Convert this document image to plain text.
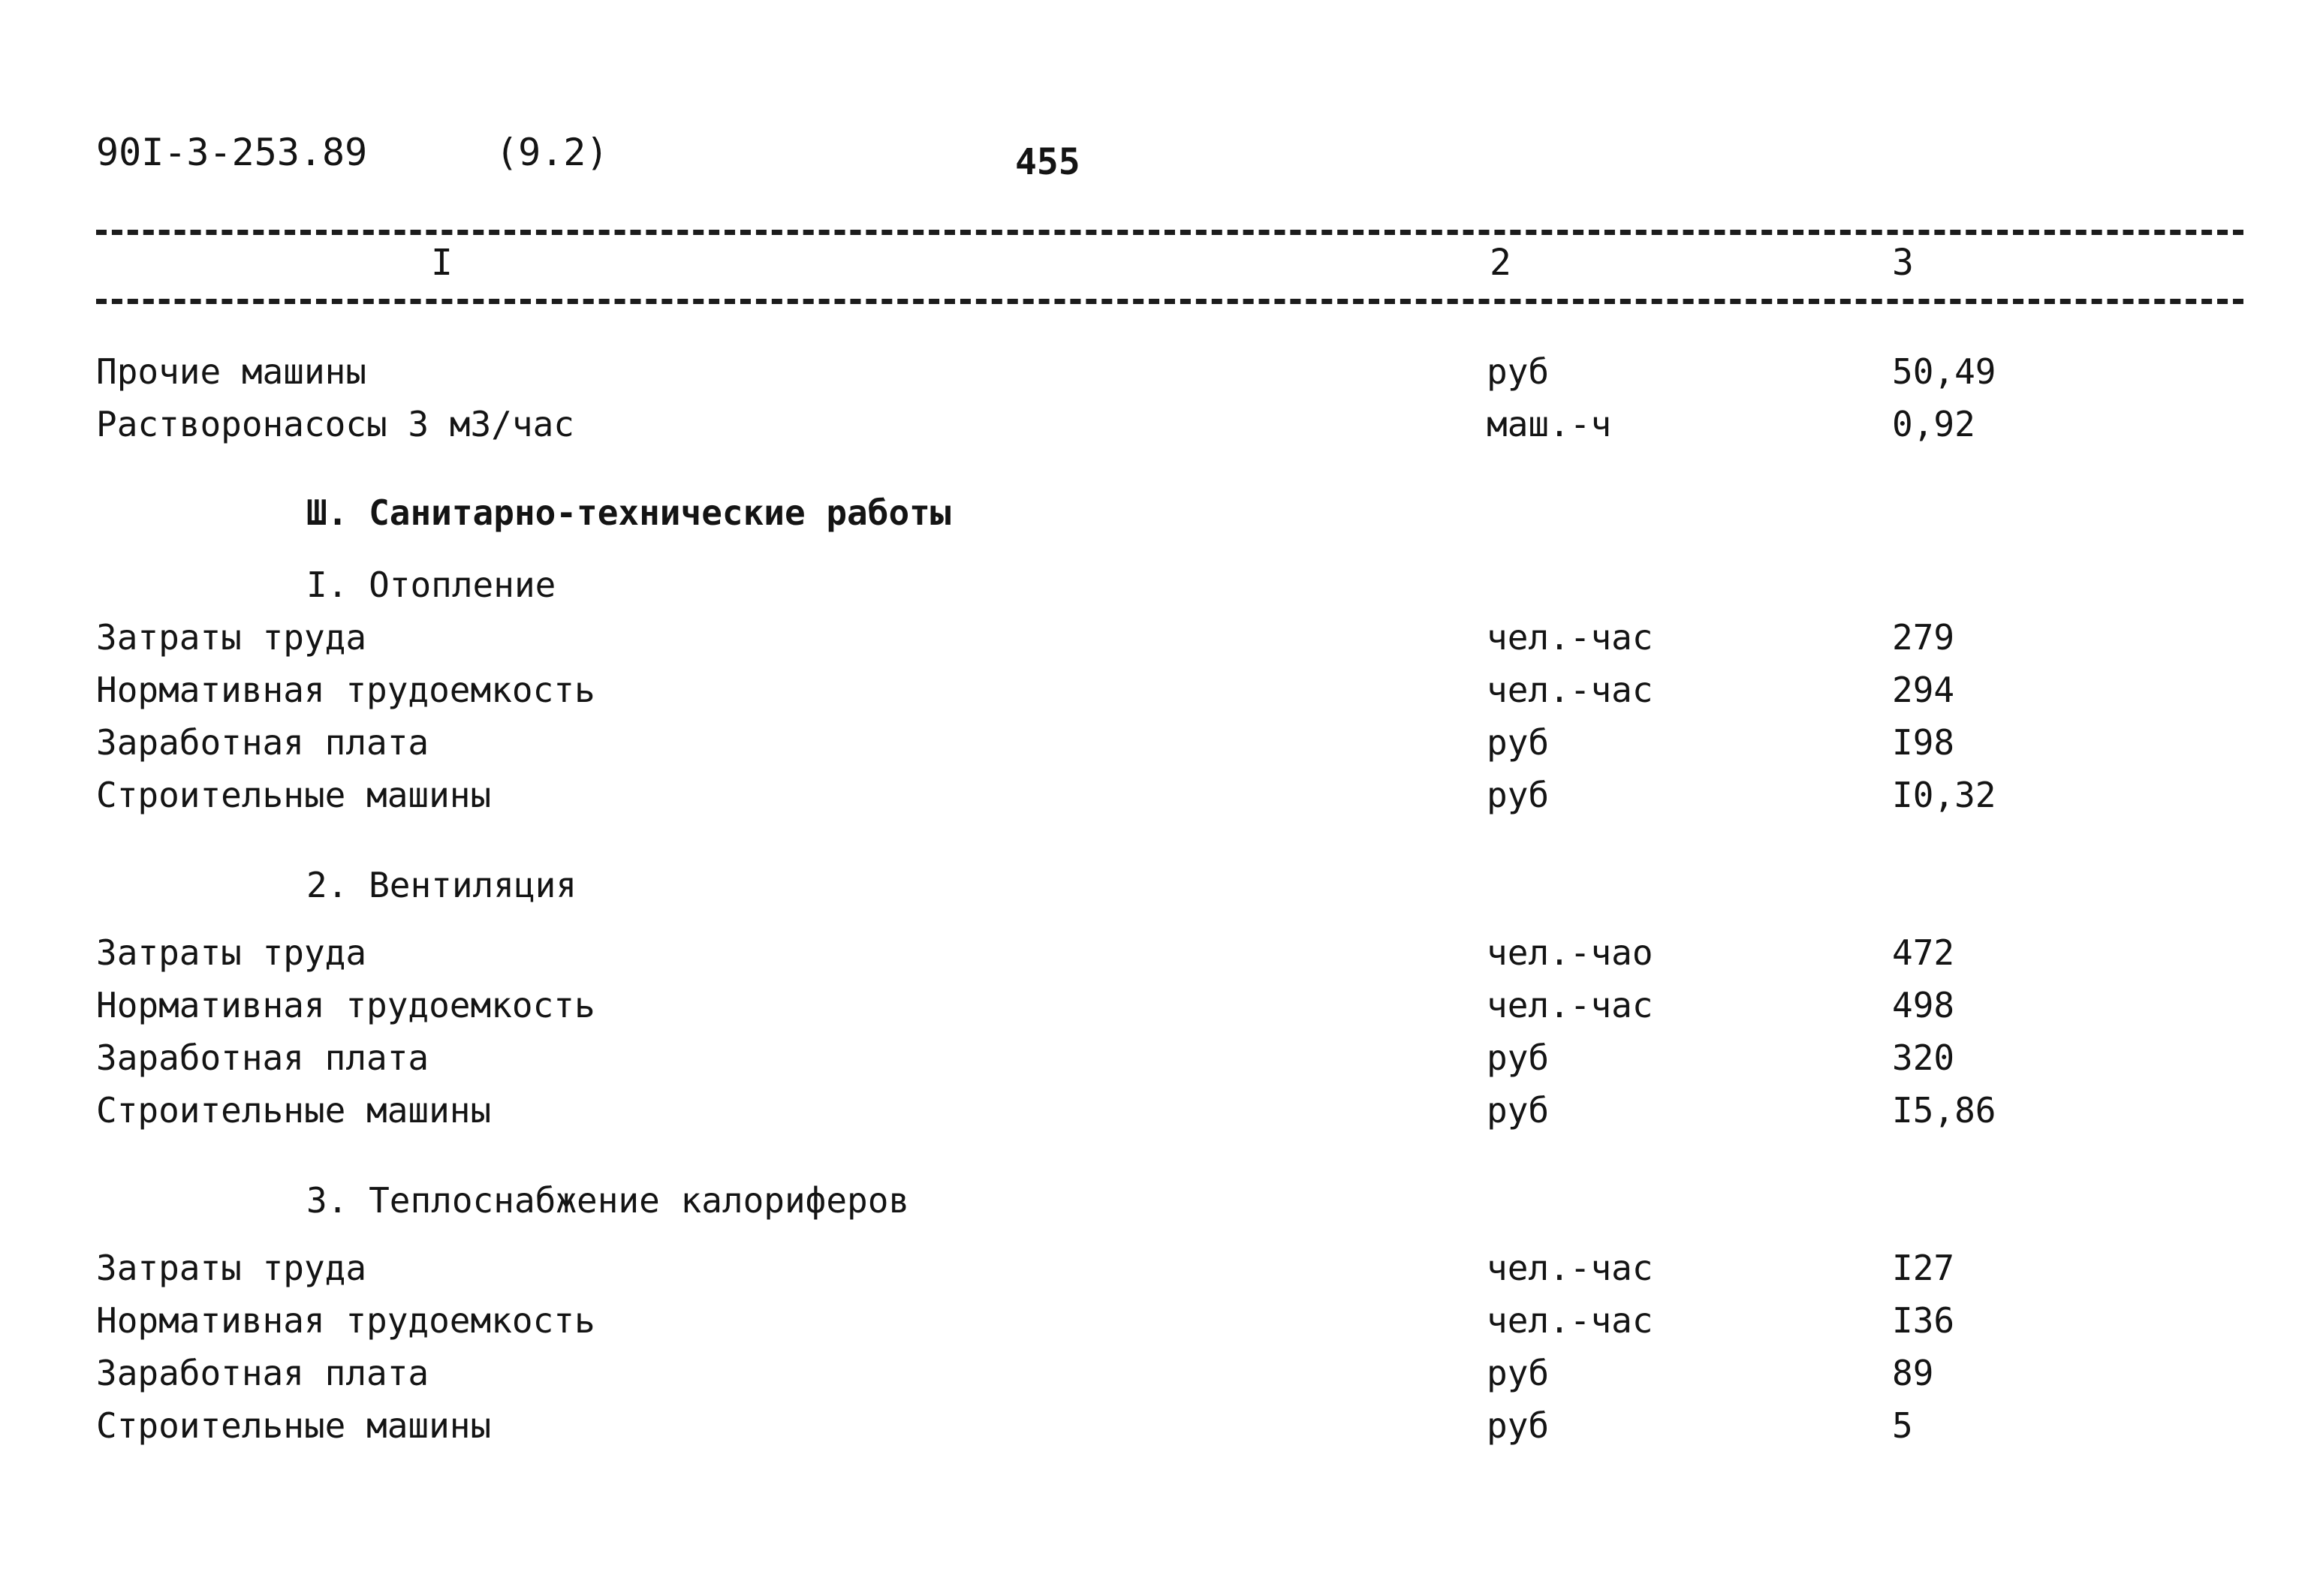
90I-3-253.89	(9.2)	455
I	2	3
Прочие машины	руб	50,49
Растворонасосы 3 м3/час	маш.-ч	0,92
Ш. Санитарно-технические работы
I. Отопление
Затраты труда	чел.-час	279
Нормативная трудоемкость	чел.-час	294
Заработная плата	руб	I98
Строительные машины	руб	I0,32
2. Вентиляция
Затраты труда	чел.-чао	472
Нормативная трудоемкость	чел.-час	498
Заработная плата	руб	320
Строительные машины	руб	I5,86
3. Теплоснабжение калориферов
Затраты труда	чел.-час	I27
Нормативная трудоемкость	чел.-час	I36
Заработная плата	руб	89
Строительные машины	руб	5
